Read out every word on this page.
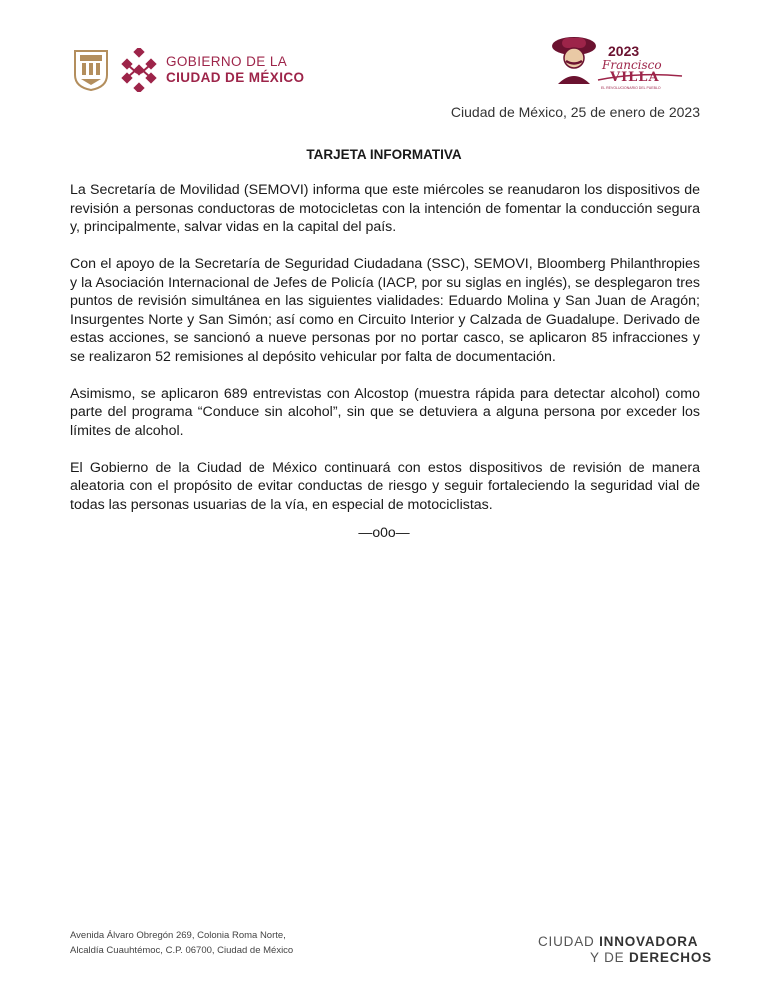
GOBIERNO DE LA
CIUDAD DE MÉXICO
2023
Francisco
VILLA
EL REVOLUCIONARIO DEL PUEBLO
Ciudad de México, 25 de enero de 2023
TARJETA INFORMATIVA

La Secretaría de Movilidad (SEMOVI) informa que este miércoles se reanudaron los dispositivos de revisión a personas conductoras de motocicletas con la intención de fomentar la conducción segura y, principalmente, salvar vidas en la capital del país.

Con el apoyo de la Secretaría de Seguridad Ciudadana (SSC), SEMOVI, Bloomberg Philanthropies y la Asociación Internacional de Jefes de Policía (IACP, por su siglas en inglés), se desplegaron tres puntos de revisión simultánea en las siguientes vialidades: Eduardo Molina y San Juan de Aragón; Insurgentes Norte y San Simón; así como en Circuito Interior y Calzada de Guadalupe. Derivado de estas acciones, se sancionó a nueve personas por no portar casco, se aplicaron 85 infracciones y se realizaron 52 remisiones al depósito vehicular por falta de documentación.

Asimismo, se aplicaron 689 entrevistas con Alcostop (muestra rápida para detectar alcohol) como parte del programa “Conduce sin alcohol”, sin que se detuviera a alguna persona por exceder los límites de alcohol.

El Gobierno de la Ciudad de México continuará con estos dispositivos de revisión de manera aleatoria con el propósito de evitar conductas de riesgo y seguir fortaleciendo la seguridad vial de todas las personas usuarias de la vía, en especial de motociclistas.

—o0o—
Avenida Álvaro Obregón 269, Colonia Roma Norte,
Alcaldía Cuauhtémoc, C.P. 06700, Ciudad de México
CIUDAD INNOVADORA
Y DE DERECHOS
